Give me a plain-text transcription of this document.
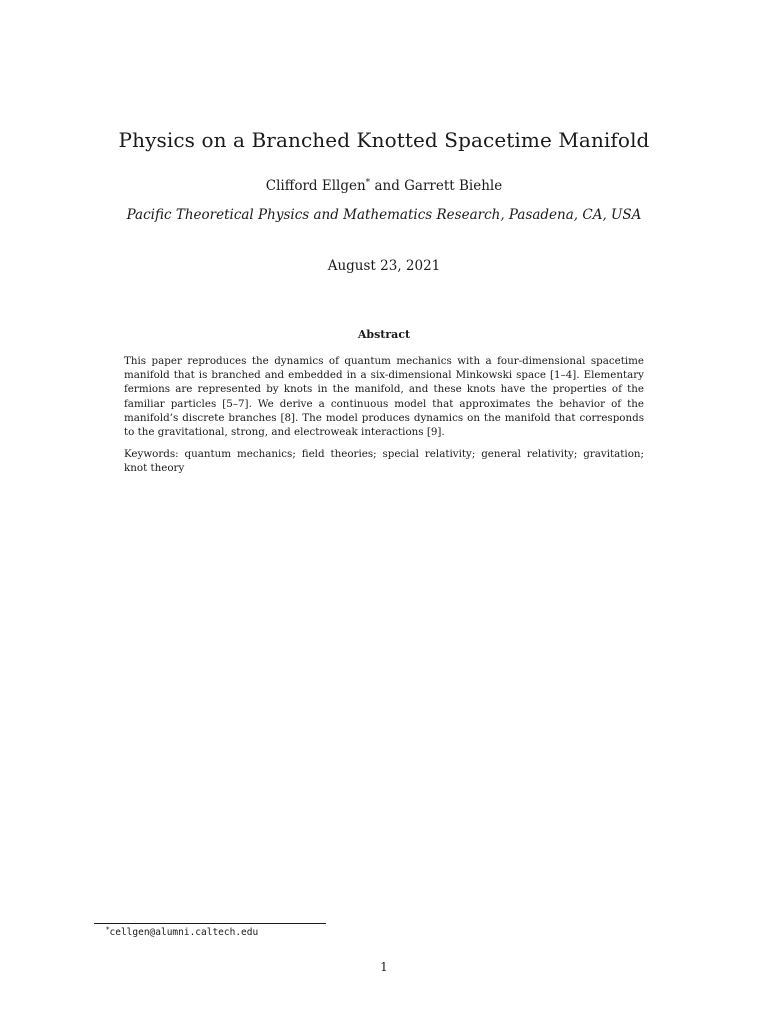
Physics on a Branched Knotted Spacetime Manifold
Clifford Ellgen* and Garrett Biehle
Pacific Theoretical Physics and Mathematics Research, Pasadena, CA, USA
August 23, 2021
Abstract

This paper reproduces the dynamics of quantum mechanics with a four-dimensional spacetime manifold that is branched and embedded in a six-dimensional Minkowski space [1–4]. Elementary fermions are represented by knots in the manifold, and these knots have the properties of the familiar particles [5–7]. We derive a continuous model that approximates the behavior of the manifold’s discrete branches [8]. The model produces dynamics on the manifold that corresponds to the gravitational, strong, and electroweak interactions [9].

Keywords: quantum mechanics; field theories; special relativity; general relativity; gravitation; knot theory

*cellgen@alumni.caltech.edu
1
